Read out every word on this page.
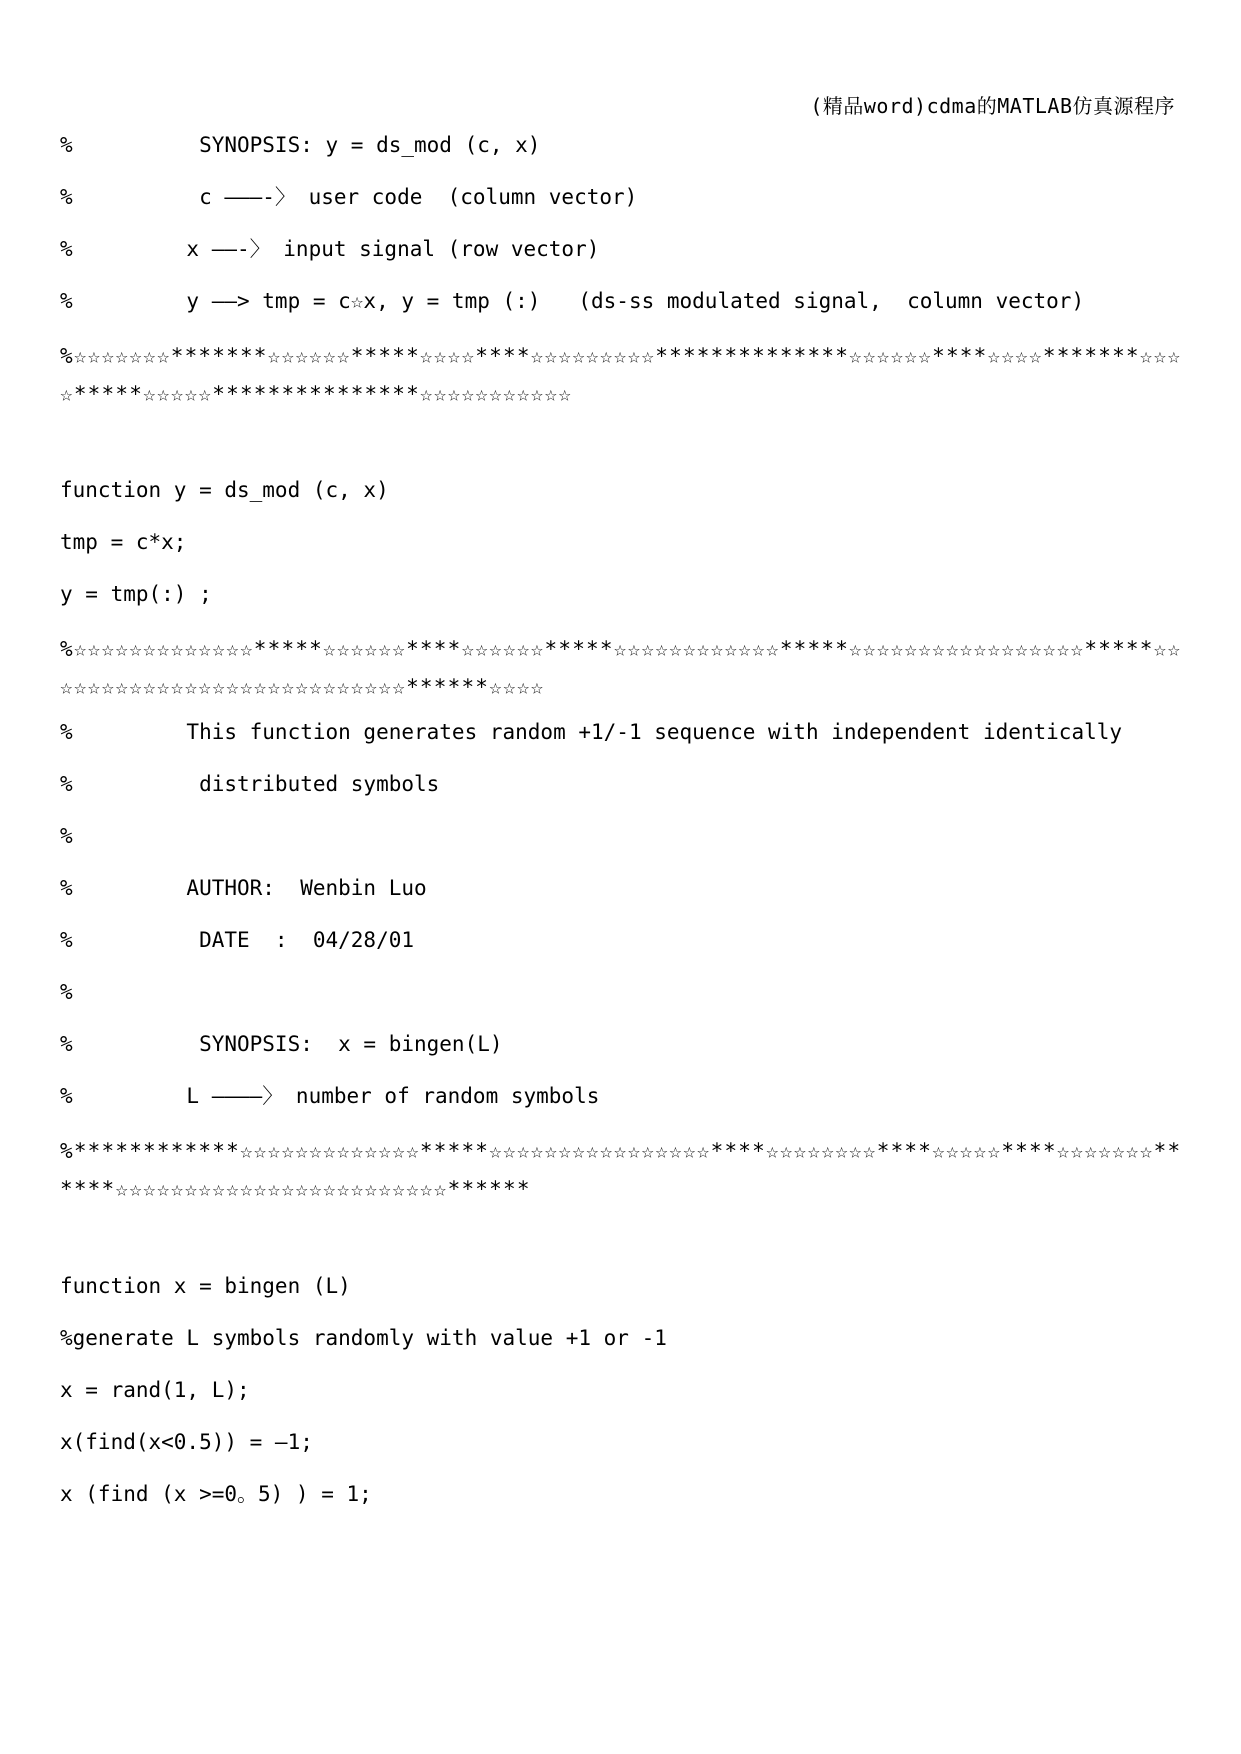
(精品word)cdma的MATLAB仿真源程序
%          SYNOPSIS: y = ds_mod (c, x)
%          c ———-〉 user code  (column vector)
%         x ——-〉 input signal (row vector)
%         y ——> tmp = c☆x, y = tmp (:)   (ds-ss modulated signal,  column vector)
%☆☆☆☆☆☆☆*******☆☆☆☆☆☆*****☆☆☆☆****☆☆☆☆☆☆☆☆☆**************☆☆☆☆☆☆****☆☆☆☆*******☆☆☆☆*****☆☆☆☆☆***************☆☆☆☆☆☆☆☆☆☆☆
function y = ds_mod (c, x)
tmp = c*x;
y = tmp(:) ;
%☆☆☆☆☆☆☆☆☆☆☆☆☆*****☆☆☆☆☆☆****☆☆☆☆☆☆*****☆☆☆☆☆☆☆☆☆☆☆☆*****☆☆☆☆☆☆☆☆☆☆☆☆☆☆☆☆☆*****☆☆☆☆☆☆☆☆☆☆☆☆☆☆☆☆☆☆☆☆☆☆☆☆☆☆☆******☆☆☆☆
%         This function generates random +1/-1 sequence with independent identically
%          distributed symbols
%
%         AUTHOR:  Wenbin Luo
%          DATE  :  04/28/01
%
%          SYNOPSIS:  x = bingen(L)
%         L ————〉 number of random symbols
%************☆☆☆☆☆☆☆☆☆☆☆☆☆*****☆☆☆☆☆☆☆☆☆☆☆☆☆☆☆☆****☆☆☆☆☆☆☆☆****☆☆☆☆☆****☆☆☆☆☆☆☆******☆☆☆☆☆☆☆☆☆☆☆☆☆☆☆☆☆☆☆☆☆☆☆☆******
function x = bingen (L)
%generate L symbols randomly with value +1 or -1
x = rand(1, L);
x(find(x<0.5)) = —1;
x (find (x >=0。5) ) = 1;
